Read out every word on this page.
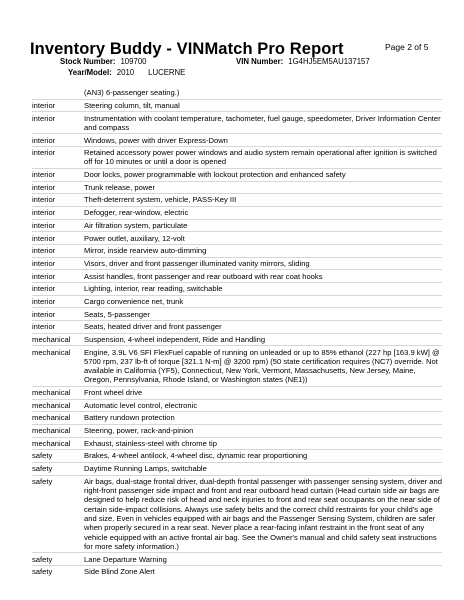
Inventory Buddy - VINMatch Pro Report	Page 2 of 5
Stock Number: 109700	VIN Number: 1G4HJ5EM5AU137157
Year/Model: 2010 LUCERNE
(AN3) 6-passenger seating.)
interior	Steering column, tilt, manual
interior	Instrumentation with coolant temperature, tachometer, fuel gauge, speedometer, Driver Information Center and compass
interior	Windows, power with driver Express-Down
interior	Retained accessory power power windows and audio system remain operational after ignition is switched off for 10 minutes or until a door is opened
interior	Door locks, power programmable with lockout protection and enhanced safety
interior	Trunk release, power
interior	Theft-deterrent system, vehicle, PASS-Key III
interior	Defogger, rear-window, electric
interior	Air filtration system, particulate
interior	Power outlet, auxiliary, 12-volt
interior	Mirror, inside rearview auto-dimming
interior	Visors, driver and front passenger illuminated vanity mirrors, sliding
interior	Assist handles, front passenger and rear outboard with rear coat hooks
interior	Lighting, interior, rear reading, switchable
interior	Cargo convenience net, trunk
interior	Seats, 5-passenger
interior	Seats, heated driver and front passenger
mechanical	Suspension, 4-wheel independent, Ride and Handling
mechanical	Engine, 3.9L V6 SFI FlexFuel capable of running on unleaded or up to 85% ethanol (227 hp [163.9 kW] @ 5700 rpm, 237 lb-ft of torque [321.1 N-m] @ 3200 rpm) (50 state certification requires (NC7) override. Not available in California (YF5), Connecticut, New York, Vermont, Massachusetts, New Jersey, Maine, Oregon, Pennsylvania, Rhode Island, or Washington states (NE1))
mechanical	Front wheel drive
mechanical	Automatic level control, electronic
mechanical	Battery rundown protection
mechanical	Steering, power, rack-and-pinion
mechanical	Exhaust, stainless-steel with chrome tip
safety	Brakes, 4-wheel antilock, 4-wheel disc, dynamic rear proportioning
safety	Daytime Running Lamps, switchable
safety	Air bags, dual-stage frontal driver, dual-depth frontal passenger with passenger sensing system, driver and right-front passenger side impact and front and rear outboard head curtain (Head curtain side air bags are designed to help reduce risk of head and neck injuries to front and rear seat occupants on the near side of certain side-impact collisions. Always use safety belts and the correct child restraints for your child's age and size. Even in vehicles equipped with air bags and the Passenger Sensing System, children are safer when properly secured in a rear seat. Never place a rear-facing infant restraint in the front seat of any vehicle equipped with an active frontal air bag. See the Owner's manual and child safety seat instructions for more safety information.)
safety	Lane Departure Warning
safety	Side Blind Zone Alert
